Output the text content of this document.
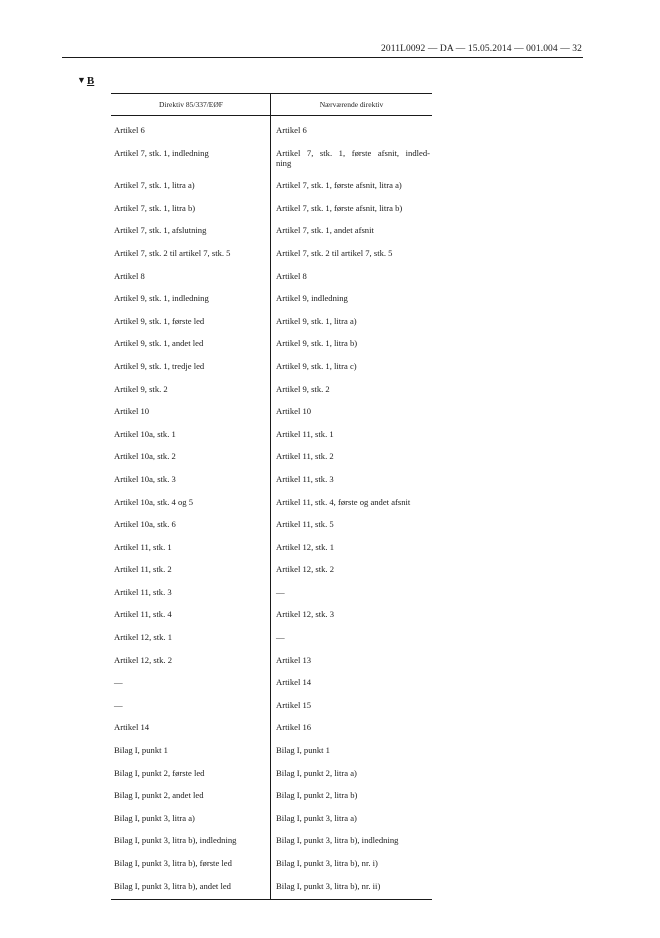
2011L0092 — DA — 15.05.2014 — 001.004 — 32
▼B
Direktiv 85/337/EØF	Nærværende direktiv
Artikel 6	Artikel 6
Artikel 7, stk. 1, indledning	Artikel 7, stk. 1, første afsnit, indled-
ning
Artikel 7, stk. 1, litra a)	Artikel 7, stk. 1, første afsnit, litra a)
Artikel 7, stk. 1, litra b)	Artikel 7, stk. 1, første afsnit, litra b)
Artikel 7, stk. 1, afslutning	Artikel 7, stk. 1, andet afsnit
Artikel 7, stk. 2 til artikel 7, stk. 5	Artikel 7, stk. 2 til artikel 7, stk. 5
Artikel 8	Artikel 8
Artikel 9, stk. 1, indledning	Artikel 9, indledning
Artikel 9, stk. 1, første led	Artikel 9, stk. 1, litra a)
Artikel 9, stk. 1, andet led	Artikel 9, stk. 1, litra b)
Artikel 9, stk. 1, tredje led	Artikel 9, stk. 1, litra c)
Artikel 9, stk. 2	Artikel 9, stk. 2
Artikel 10	Artikel 10
Artikel 10a, stk. 1	Artikel 11, stk. 1
Artikel 10a, stk. 2	Artikel 11, stk. 2
Artikel 10a, stk. 3	Artikel 11, stk. 3
Artikel 10a, stk. 4 og 5	Artikel 11, stk. 4, første og andet afsnit
Artikel 10a, stk. 6	Artikel 11, stk. 5
Artikel 11, stk. 1	Artikel 12, stk. 1
Artikel 11, stk. 2	Artikel 12, stk. 2
Artikel 11, stk. 3	—
Artikel 11, stk. 4	Artikel 12, stk. 3
Artikel 12, stk. 1	—
Artikel 12, stk. 2	Artikel 13
—	Artikel 14
—	Artikel 15
Artikel 14	Artikel 16
Bilag I, punkt 1	Bilag I, punkt 1
Bilag I, punkt 2, første led	Bilag I, punkt 2, litra a)
Bilag I, punkt 2, andet led	Bilag I, punkt 2, litra b)
Bilag I, punkt 3, litra a)	Bilag I, punkt 3, litra a)
Bilag I, punkt 3, litra b), indledning	Bilag I, punkt 3, litra b), indledning
Bilag I, punkt 3, litra b), første led	Bilag I, punkt 3, litra b), nr. i)
Bilag I, punkt 3, litra b), andet led	Bilag I, punkt 3, litra b), nr. ii)
